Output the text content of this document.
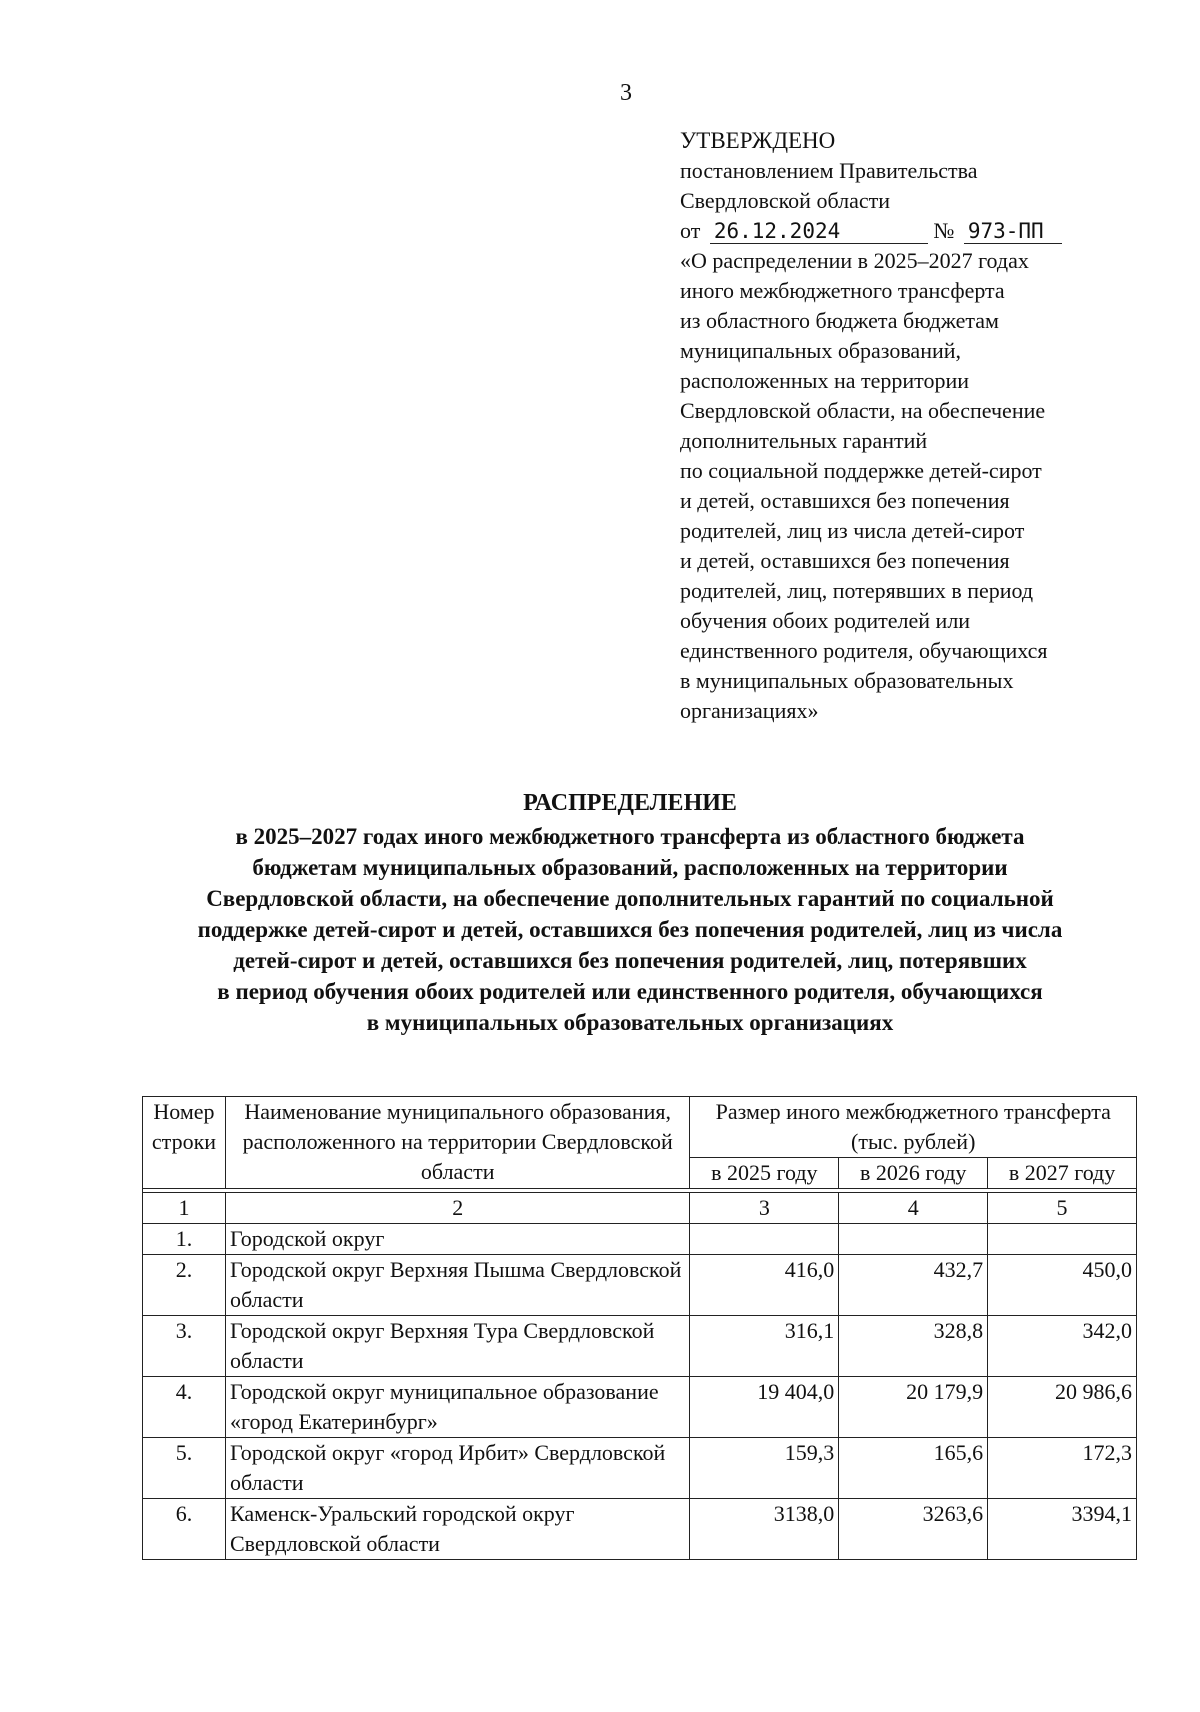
3
УТВЕРЖДЕНО
постановлением Правительства
Свердловской области
от 26.12.2024	№ 973-ПП
«О распределении в 2025–2027 годах
иного межбюджетного трансферта
из областного бюджета бюджетам
муниципальных образований,
расположенных на территории
Свердловской области, на обеспечение
дополнительных гарантий
по социальной поддержке детей-сирот
и детей, оставшихся без попечения
родителей, лиц из числа детей-сирот
и детей, оставшихся без попечения
родителей, лиц, потерявших в период
обучения обоих родителей или
единственного родителя, обучающихся
в муниципальных образовательных
организациях»
РАСПРЕДЕЛЕНИЕ
в 2025–2027 годах иного межбюджетного трансферта из областного бюджета
бюджетам муниципальных образований, расположенных на территории
Свердловской области, на обеспечение дополнительных гарантий по социальной
поддержке детей-сирот и детей, оставшихся без попечения родителей, лиц из числа
детей-сирот и детей, оставшихся без попечения родителей, лиц, потерявших
в период обучения обоих родителей или единственного родителя, обучающихся
в муниципальных образовательных организациях
Номер строки	Наименование муниципального образования, расположенного на территории Свердловской области	Размер иного межбюджетного трансферта (тыс. рублей)		
		в 2025 году	в 2026 году	в 2027 году

1	2	3	4	5
1.	Городской округ			
2.	Городской округ Верхняя Пышма Свердловской области	416,0	432,7	450,0
3.	Городской округ Верхняя Тура Свердловской области	316,1	328,8	342,0
4.	Городской округ муниципальное образование «город Екатеринбург»	19 404,0	20 179,9	20 986,6
5.	Городской округ «город Ирбит» Свердловской области	159,3	165,6	172,3
6.	Каменск-Уральский городской округ Свердловской области	3138,0	3263,6	3394,1
